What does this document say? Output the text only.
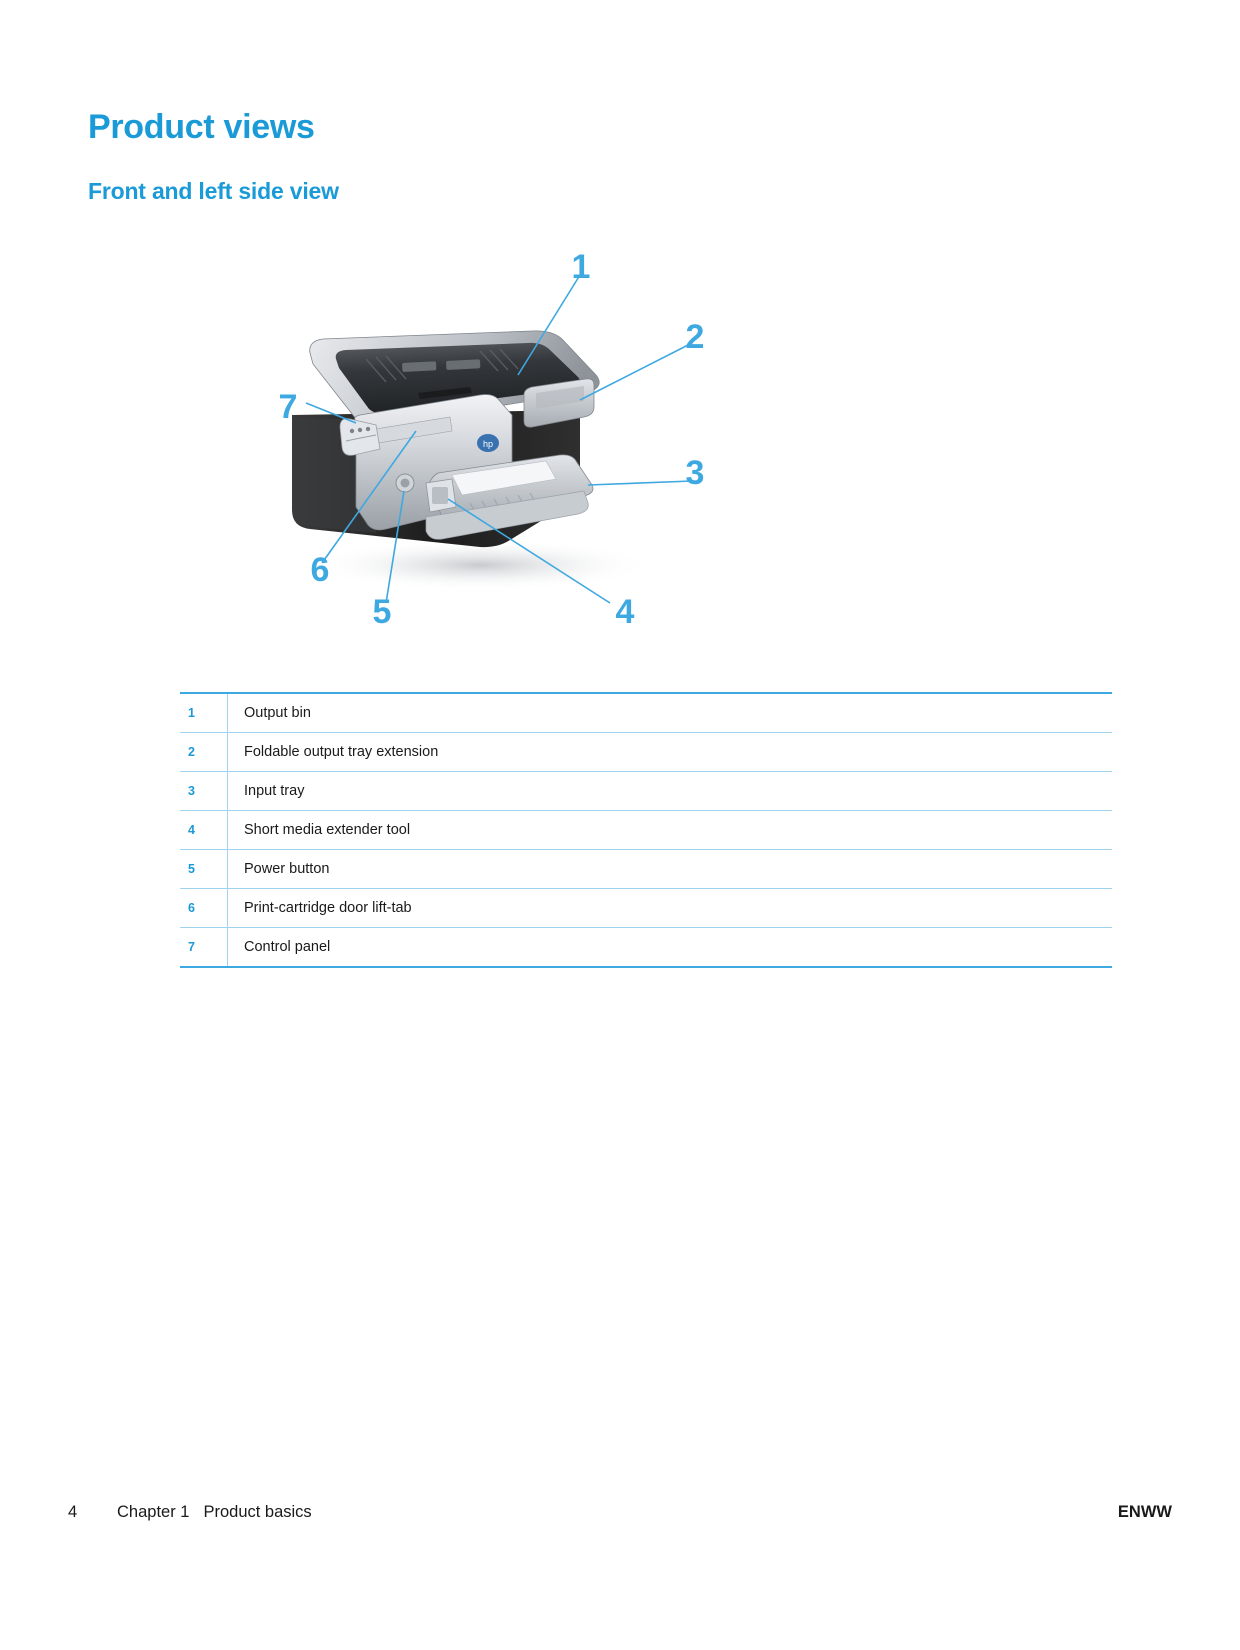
Product views
Front and left side view
hp
1
2
3
4
5
6
7
1	Output bin
2	Foldable output tray extension
3	Input tray
4	Short media extender tool
5	Power button
6	Print-cartridge door lift-tab
7	Control panel
4	Chapter 1 Product basics	ENWW
